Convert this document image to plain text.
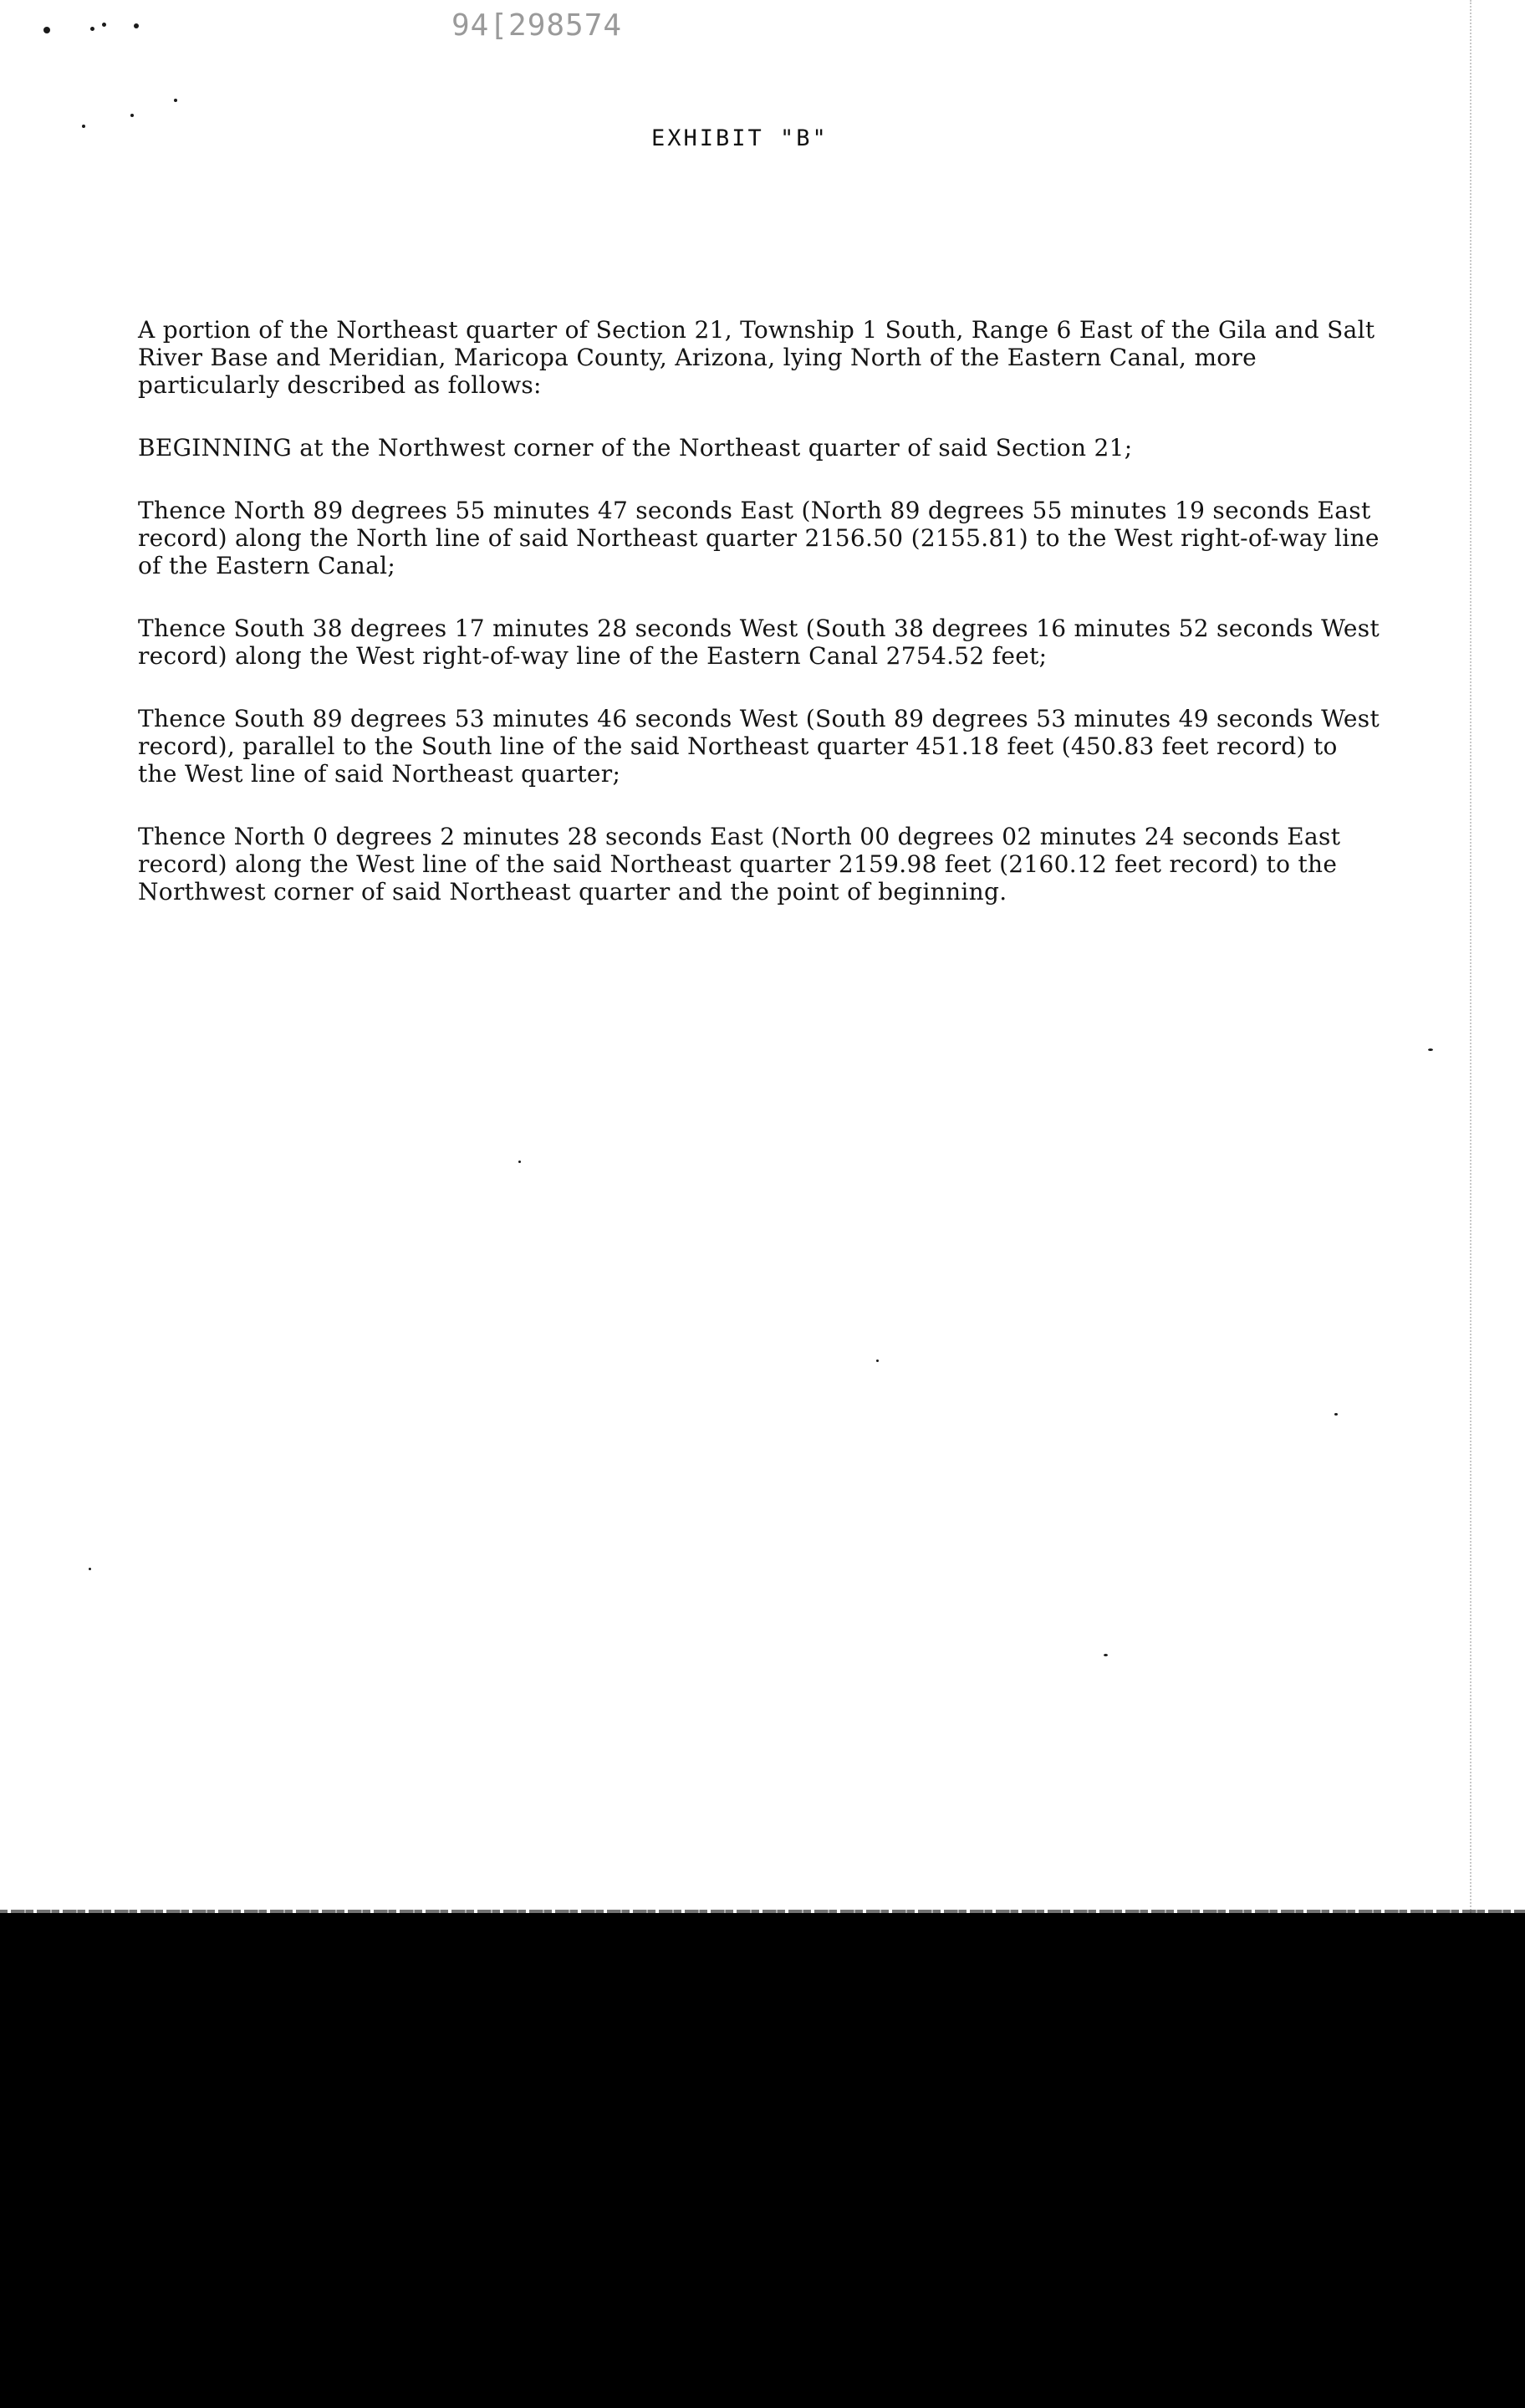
94[298574
EXHIBIT "B"

A portion of the Northeast quarter of Section 21, Township 1 South, Range 6 East of the Gila and Salt River Base and Meridian, Maricopa County, Arizona, lying North of the Eastern Canal, more particularly described as follows:

BEGINNING at the Northwest corner of the Northeast quarter of said Section 21;

Thence North 89 degrees 55 minutes 47 seconds East (North 89 degrees 55 minutes 19 seconds East record) along the North line of said Northeast quarter 2156.50 (2155.81) to the West right-of-way line of the Eastern Canal;

Thence South 38 degrees 17 minutes 28 seconds West (South 38 degrees 16 minutes 52 seconds West record) along the West right-of-way line of the Eastern Canal 2754.52 feet;

Thence South 89 degrees 53 minutes 46 seconds West (South 89 degrees 53 minutes 49 seconds West record), parallel to the South line of the said Northeast quarter 451.18 feet (450.83 feet record) to the West line of said Northeast quarter;

Thence North 0 degrees 2 minutes 28 seconds East (North 00 degrees 02 minutes 24 seconds East record) along the West line of the said Northeast quarter 2159.98 feet (2160.12 feet record) to the Northwest corner of said Northeast quarter and the point of beginning.
